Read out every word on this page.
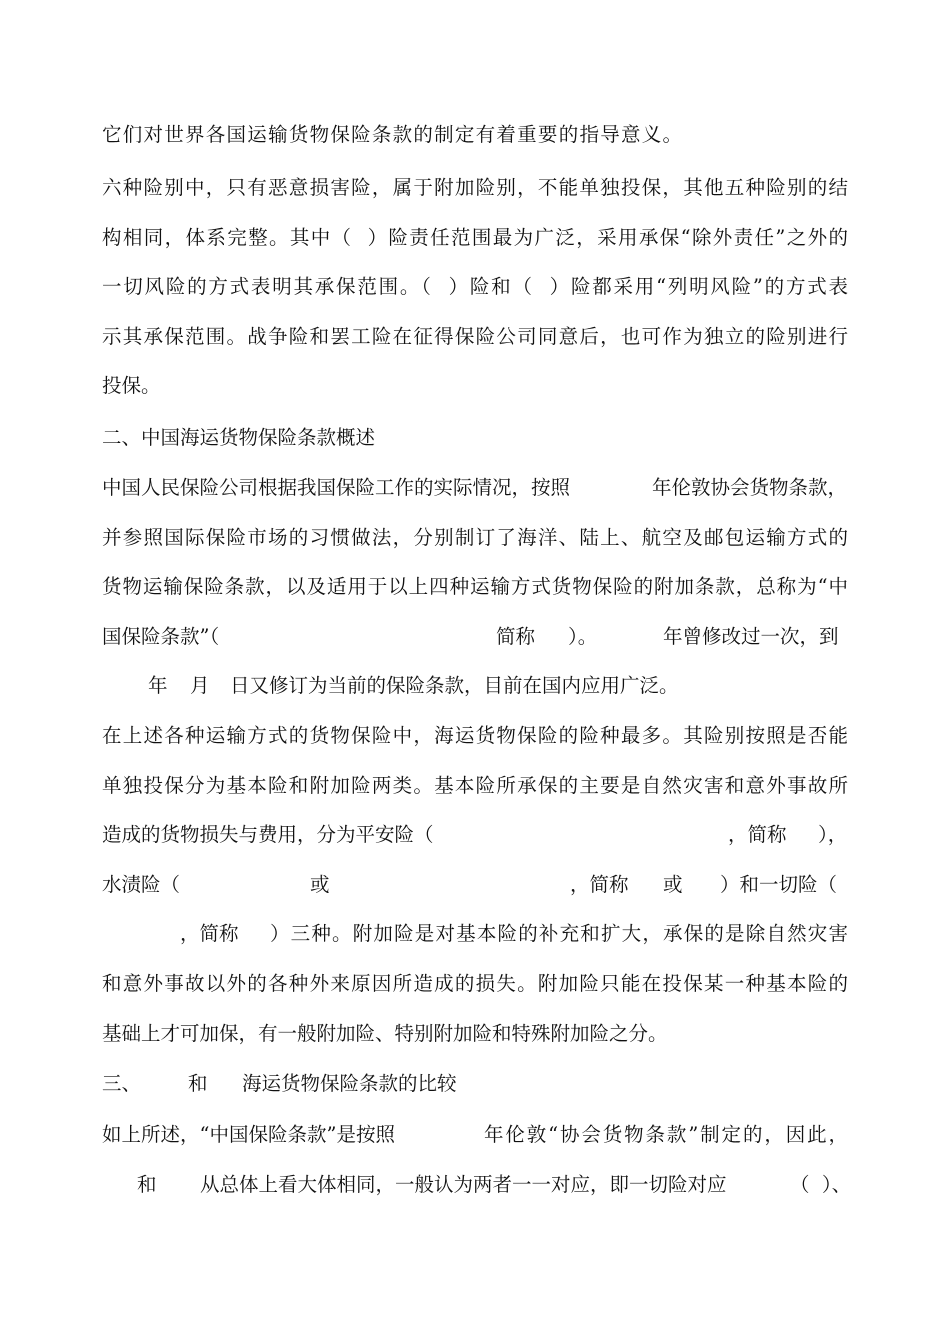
它们对世界各国运输货物保险条款的制定有着重要的指导意义。
六种险别中，只有恶意损害险，属于附加险别，不能单独投保，其他五种险别的结
构相同，体系完整。其中（  ）险责任范围最为广泛，采用承保“除外责任”之外的
一切风险的方式表明其承保范围。（  ）险和（  ）险都采用“列明风险”的方式表
示其承保范围。战争险和罢工险在征得保险公司同意后，也可作为独立的险别进行
投保。
二、中国海运货物保险条款概述

中国人民保险公司根据我国保险工作的实际情况，按照

	年伦敦协会货物条款，

并参照国际保险市场的习惯做法，分别制订了海洋、陆上、航空及邮包运输方式的
货物运输保险条款，以及适用于以上四种运输方式货物保险的附加条款，总称为“中

国保险条款”（

	简称

）。

	年曾修改过一次，到

年

月

日又修订为当前的保险条款，目前在国内应用广泛。

在上述各种运输方式的货物保险中，海运货物保险的险种最多。其险别按照是否能
单独投保分为基本险和附加险两类。基本险所承保的主要是自然灾害和意外事故所

造成的货物损失与费用，分为平安险（

	，简称

），

水渍险（

	或

	，简称

或

）和一切险（

，简称

）三种。附加险是对基本险的补充和扩大，承保的是除自然灾害

和意外事故以外的各种外来原因所造成的损失。附加险只能在投保某一种基本险的
基础上才可加保，有一般附加险、特别附加险和特殊附加险之分。

三、

和

海运货物保险条款的比较

如上所述，“中国保险条款”是按照

	年伦敦“协会货物条款”制定的，因此，

和

从总体上看大体相同，一般认为两者一一对应，即一切险对应

	（  ）、
